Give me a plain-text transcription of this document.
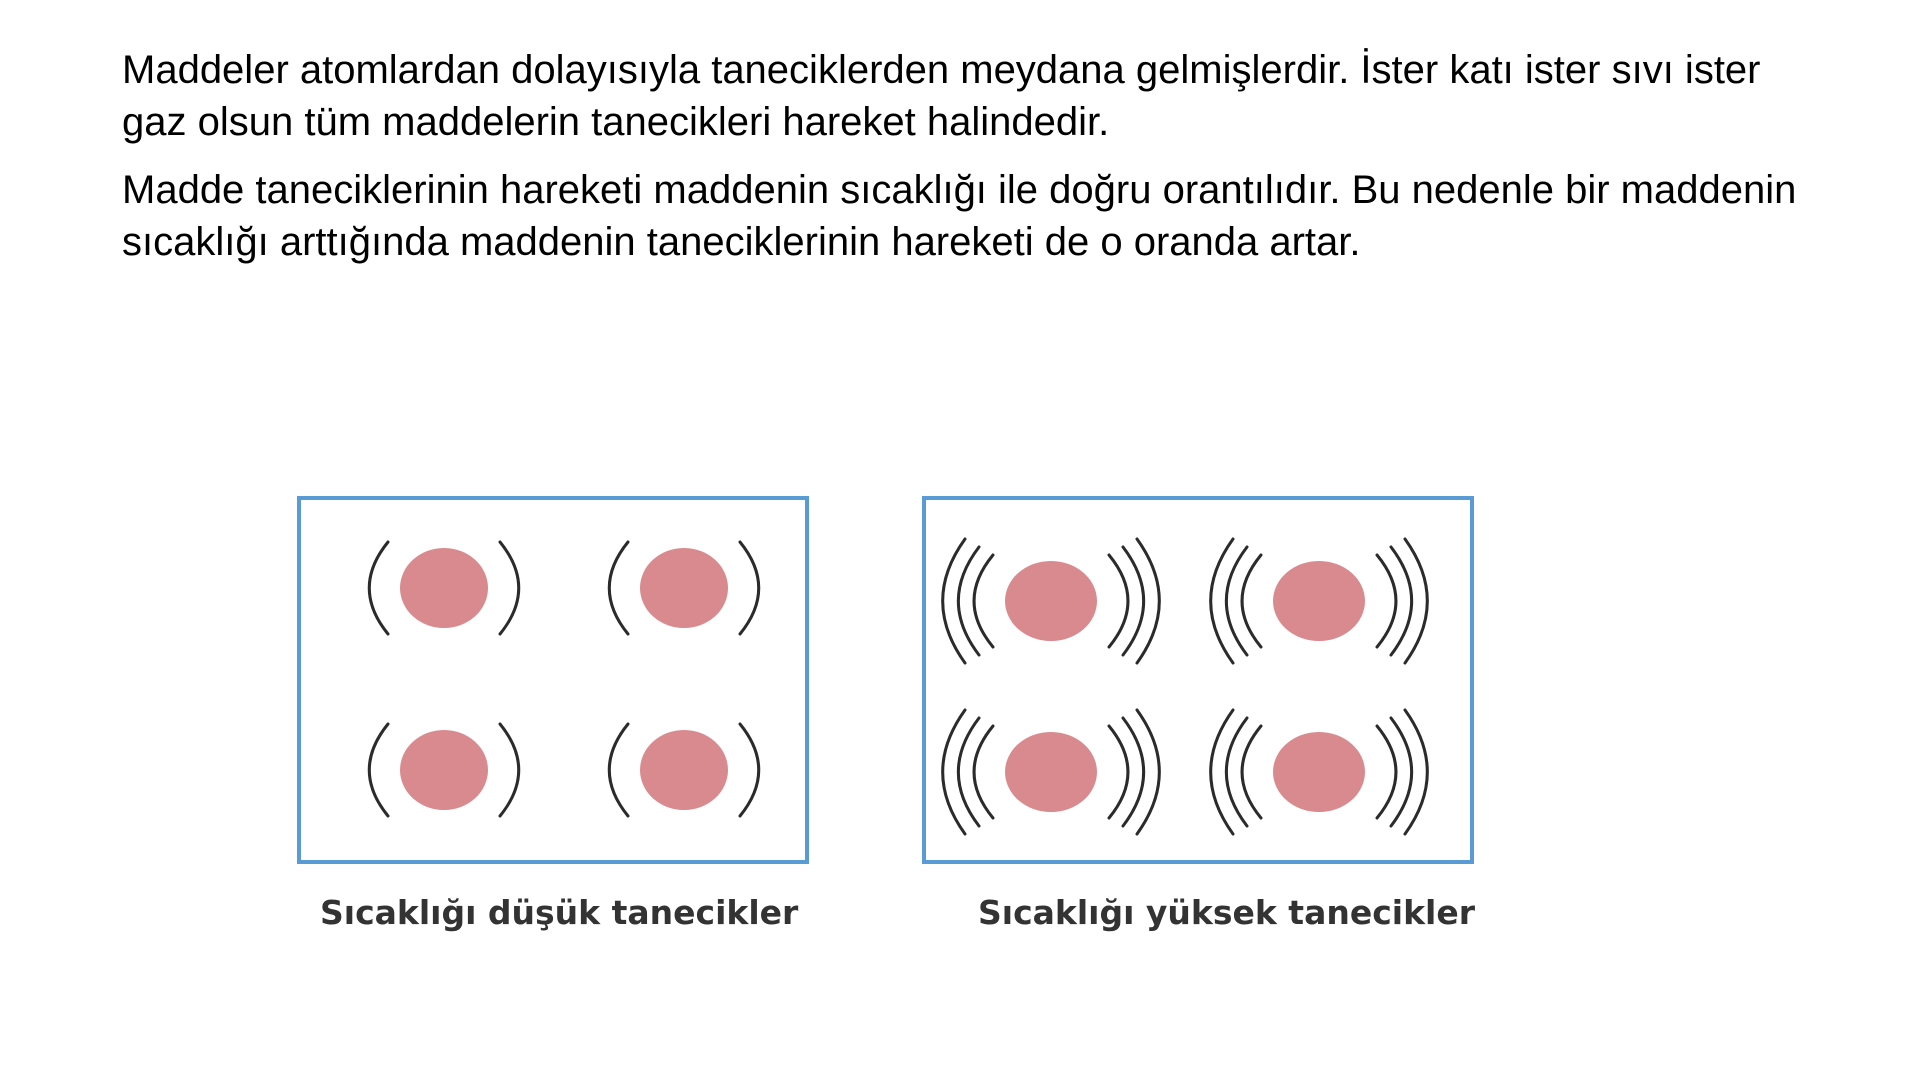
Maddeler atomlardan dolayısıyla taneciklerden meydana gelmişlerdir. İster katı ister sıvı ister gaz olsun tüm maddelerin tanecikleri hareket halindedir.

Madde taneciklerinin hareketi maddenin sıcaklığı ile doğru orantılıdır. Bu nedenle bir maddenin sıcaklığı arttığında maddenin taneciklerinin hareketi de o oranda artar.

Sıcaklığı düşük tanecikler	Sıcaklığı yüksek tanecikler
